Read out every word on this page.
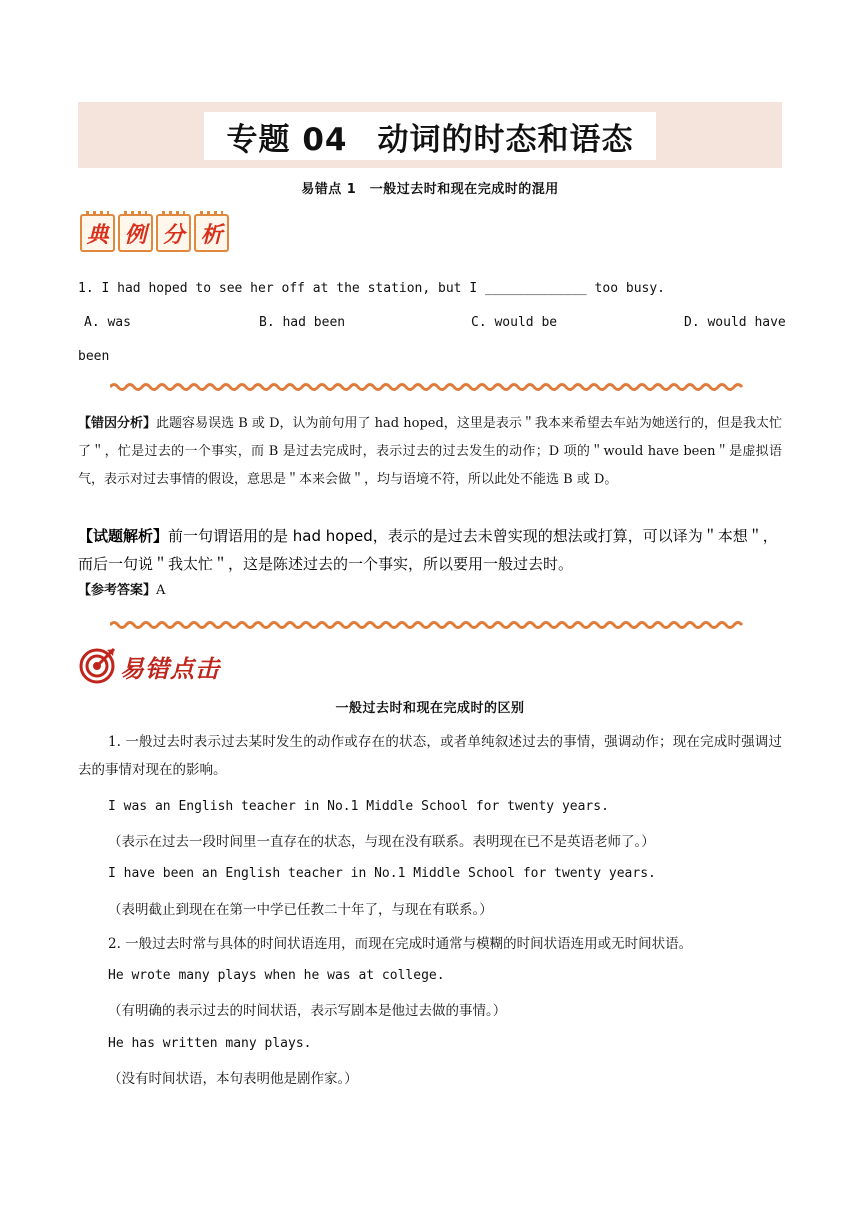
专题 04 动词的时态和语态
易错点 1　一般过去时和现在完成时的混用
典 例 分 析
1. I had hoped to see her off at the station, but I _____________ too busy.
A. was	B. had been	C. would be	D. would have
been
【错因分析】此题容易误选 B 或 D，认为前句用了 had hoped，这里是表示＂我本来希望去车站为她送行的，但是我太忙了＂，忙是过去的一个事实，而 B 是过去完成时，表示过去的过去发生的动作；D 项的＂would have been＂是虚拟语气，表示对过去事情的假设，意思是＂本来会做＂，均与语境不符，所以此处不能选 B 或 D。
【试题解析】前一句谓语用的是 had hoped，表示的是过去未曾实现的想法或打算，可以译为＂本想＂，而后一句说＂我太忙＂，这是陈述过去的一个事实，所以要用一般过去时。
【参考答案】A
易错点击
一般过去时和现在完成时的区别
1. 一般过去时表示过去某时发生的动作或存在的状态，或者单纯叙述过去的事情，强调动作；现在完成时强调过去的事情对现在的影响。
I was an English teacher in No.1 Middle School for twenty years.
（表示在过去一段时间里一直存在的状态，与现在没有联系。表明现在已不是英语老师了。）
I have been an English teacher in No.1 Middle School for twenty years.
（表明截止到现在在第一中学已任教二十年了，与现在有联系。）
2. 一般过去时常与具体的时间状语连用，而现在完成时通常与模糊的时间状语连用或无时间状语。
He wrote many plays when he was at college.
（有明确的表示过去的时间状语，表示写剧本是他过去做的事情。）
He has written many plays.
（没有时间状语，本句表明他是剧作家。）
